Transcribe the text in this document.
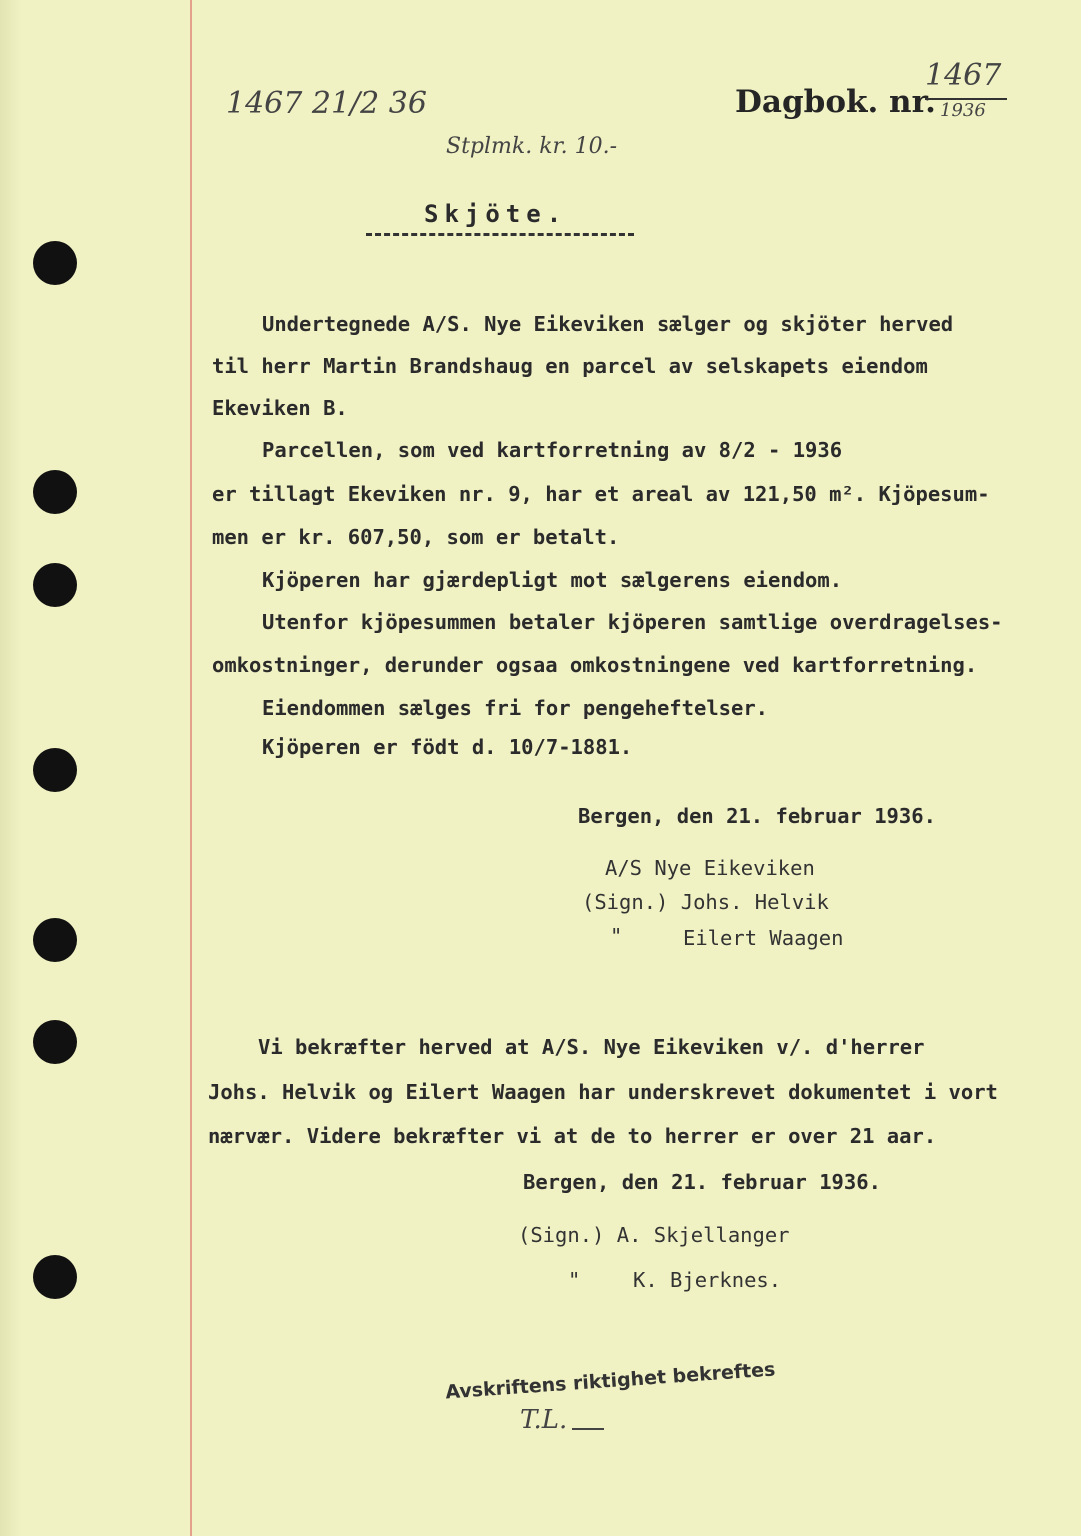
1467 21/2 36
Stplmk. kr. 10.-
Dagbok. nr.
1467
1936
Skjöte.
Undertegnede A/S. Nye Eikeviken sælger og skjöter herved
til herr Martin Brandshaug en parcel av selskapets eiendom
Ekeviken B.
Parcellen, som ved kartforretning av 8/2 - 1936
er tillagt Ekeviken nr. 9, har et areal av 121,50 m². Kjöpesum-
men er kr. 607,50, som er betalt.
Kjöperen har gjærdepligt mot sælgerens eiendom.
Utenfor kjöpesummen betaler kjöperen samtlige overdragelses-
omkostninger, derunder ogsaa omkostningene ved kartforretning.
Eiendommen sælges fri for pengeheftelser.
Kjöperen er födt d. 10/7-1881.
Bergen, den 21. februar 1936.
A/S Nye Eikeviken
(Sign.) Johs. Helvik
"	Eilert Waagen
Vi bekræfter herved at A/S. Nye Eikeviken v/. d'herrer
Johs. Helvik og Eilert Waagen har underskrevet dokumentet i vort
nærvær. Videre bekræfter vi at de to herrer er over 21 aar.
Bergen, den 21. februar 1936.
(Sign.) A. Skjellanger
"	K. Bjerknes.
Avskriftens riktighet bekreftes
T.L.
